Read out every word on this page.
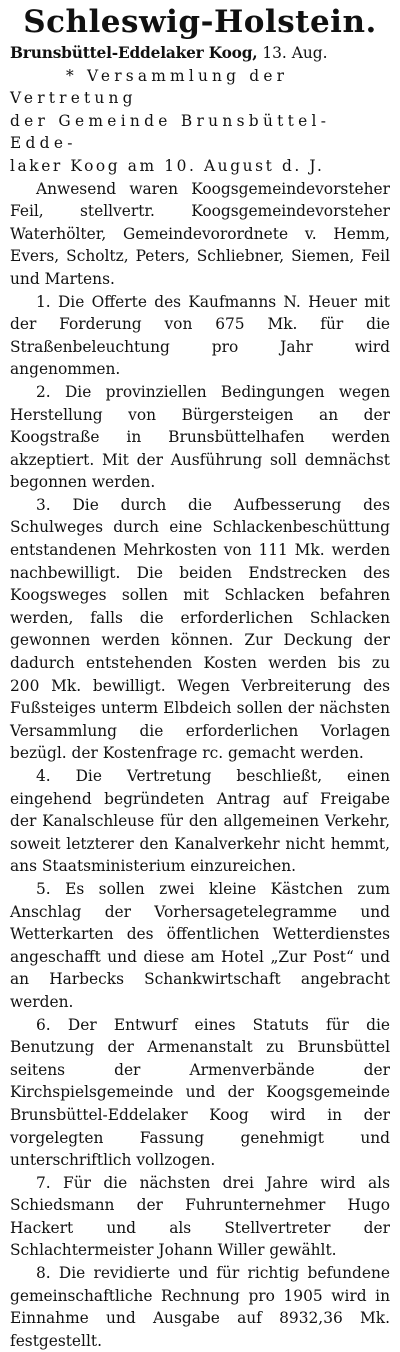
Schleswig-Holstein.
Brunsbüttel-Eddelaker Koog, 13. Aug.
* Versammlung der Vertretung
der Gemeinde Brunsbüttel-Edde-
laker Koog am 10. August d. J.

Anwesend waren Koogsgemeindevorsteher Feil, stellvertr. Koogsgemeindevorsteher Waterhölter, Gemeindevorordnete v. Hemm, Evers, Scholtz, Peters, Schliebner, Siemen, Feil und Martens.

1. Die Offerte des Kaufmanns N. Heuer mit der Forderung von 675 Mk. für die Straßenbeleuchtung pro Jahr wird angenommen.

2. Die provinziellen Bedingungen wegen Herstellung von Bürgersteigen an der Koogstraße in Brunsbüttelhafen werden akzeptiert. Mit der Ausführung soll demnächst begonnen werden.

3. Die durch die Aufbesserung des Schulweges durch eine Schlackenbeschüttung entstandenen Mehrkosten von 111 Mk. werden nachbewilligt. Die beiden Endstrecken des Koogsweges sollen mit Schlacken befahren werden, falls die erforderlichen Schlacken gewonnen werden können. Zur Deckung der dadurch entstehenden Kosten werden bis zu 200 Mk. bewilligt. Wegen Verbreiterung des Fußsteiges unterm Elbdeich sollen der nächsten Versammlung die erforderlichen Vorlagen bezügl. der Kostenfrage rc. gemacht werden.

4. Die Vertretung beschließt, einen eingehend begründeten Antrag auf Freigabe der Kanalschleuse für den allgemeinen Verkehr, soweit letzterer den Kanalverkehr nicht hemmt, ans Staatsministerium einzureichen.

5. Es sollen zwei kleine Kästchen zum Anschlag der Vorhersagetelegramme und Wetterkarten des öffentlichen Wetterdienstes angeschafft und diese am Hotel „Zur Post“ und an Harbecks Schankwirtschaft angebracht werden.

6. Der Entwurf eines Statuts für die Benutzung der Armenanstalt zu Brunsbüttel seitens der Armenverbände der Kirchspielsgemeinde und der Koogsgemeinde Brunsbüttel-Eddelaker Koog wird in der vorgelegten Fassung genehmigt und unterschriftlich vollzogen.

7. Für die nächsten drei Jahre wird als Schiedsmann der Fuhrunternehmer Hugo Hackert und als Stellvertreter der Schlachtermeister Johann Willer gewählt.

8. Die revidierte und für richtig befundene gemeinschaftliche Rechnung pro 1905 wird in Einnahme und Ausgabe auf 8932,36 Mk. festgestellt.
